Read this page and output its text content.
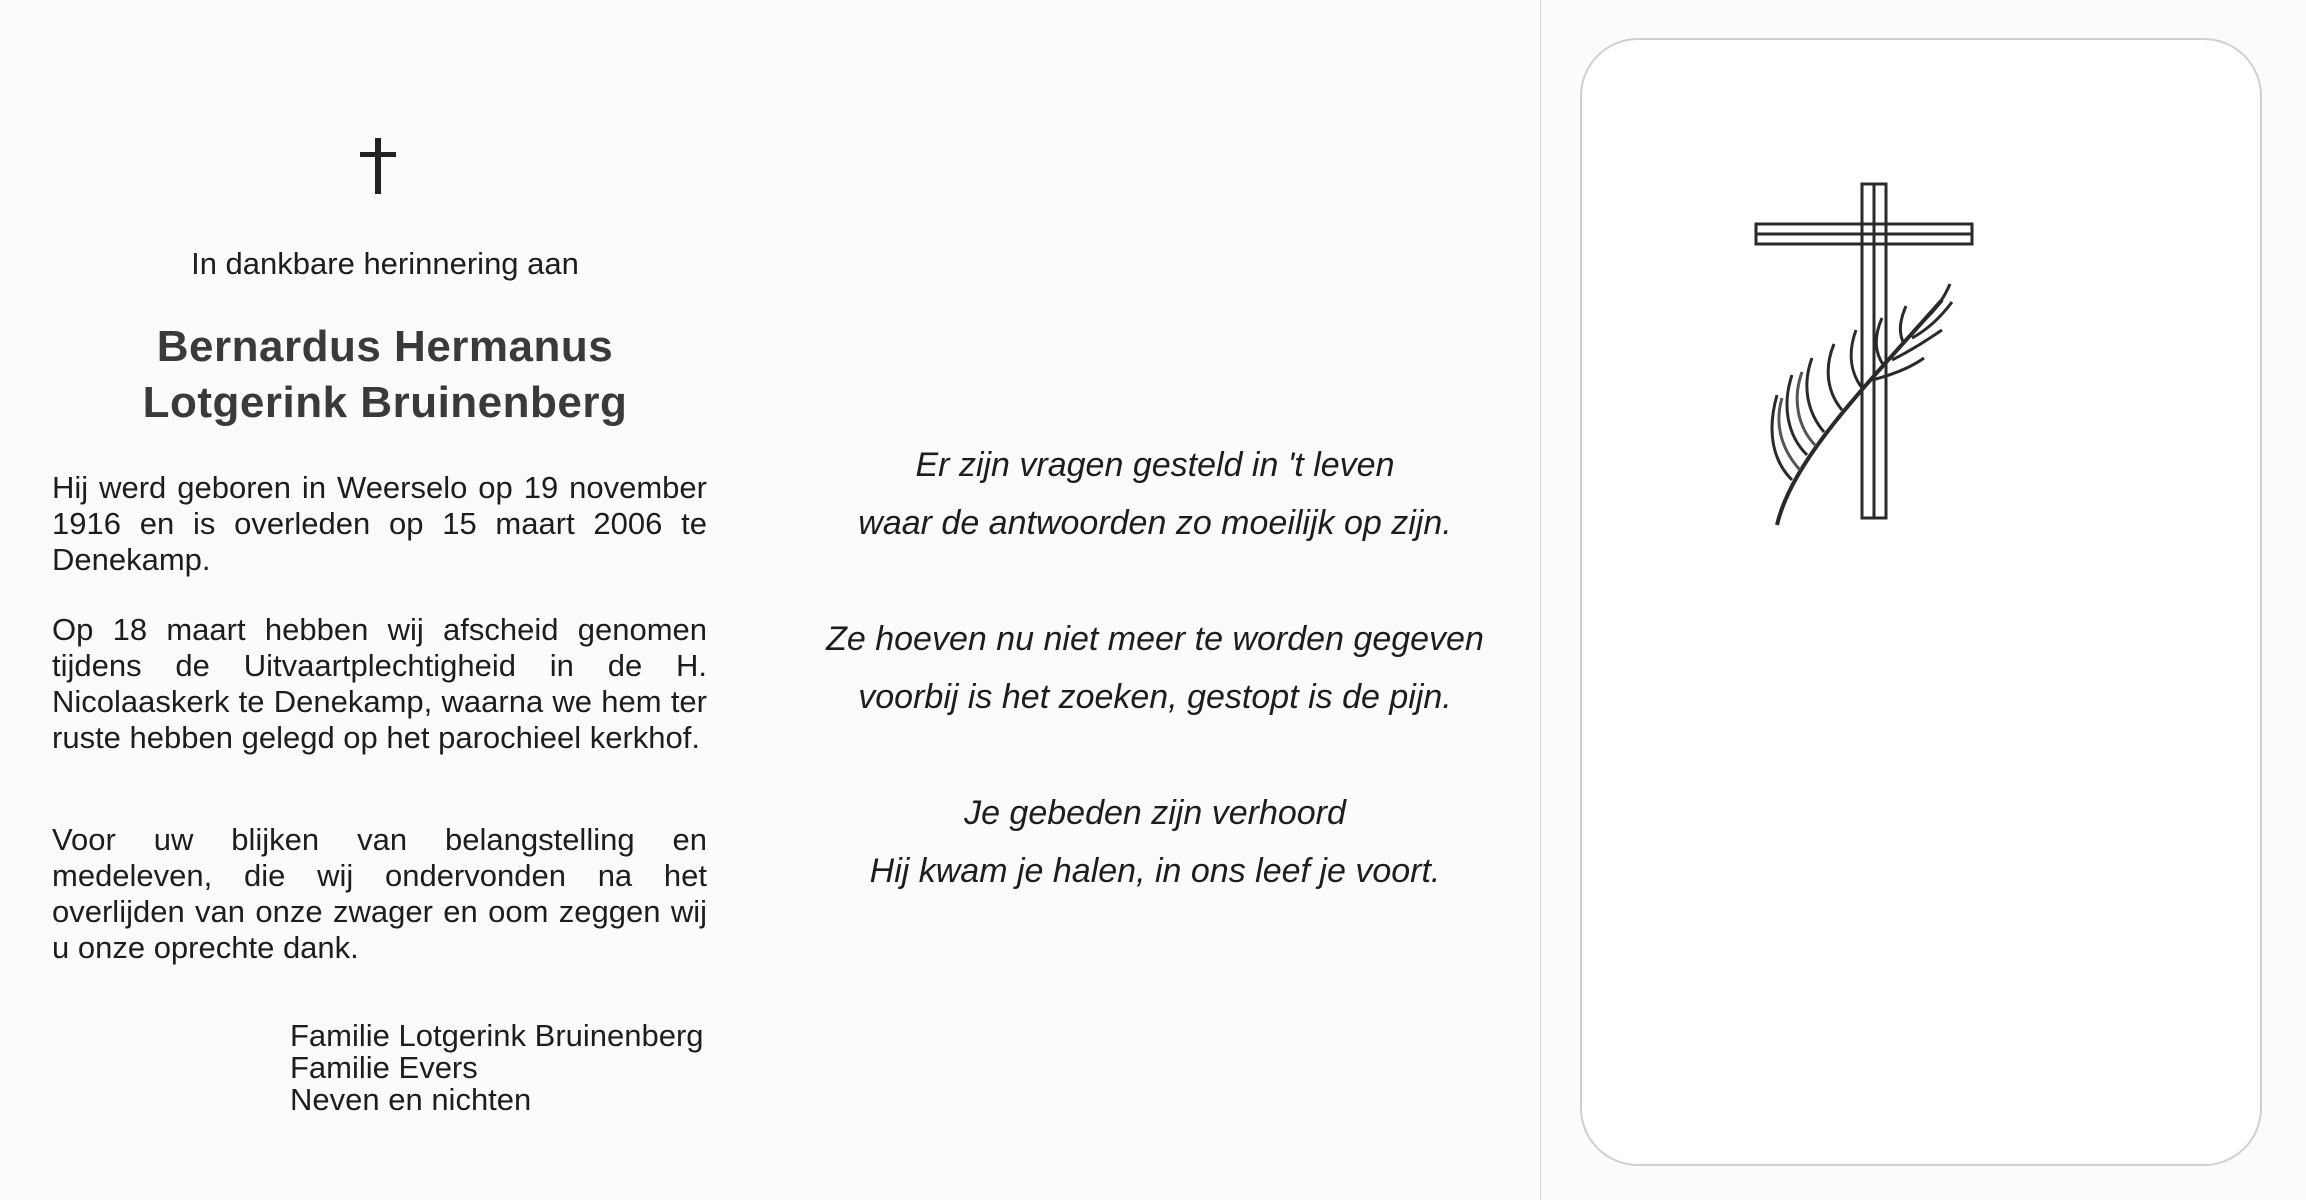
In dankbare herinnering aan
Bernardus Hermanus
Lotgerink Bruinenberg
Hij werd geboren in Weerselo op 19 november 1916 en is overleden op 15 maart 2006 te Denekamp.
Op 18 maart hebben wij afscheid genomen tijdens de Uitvaartplechtigheid in de H. Nicolaaskerk te Denekamp, waarna we hem ter ruste hebben gelegd op het parochieel kerkhof.
Voor uw blijken van belangstelling en medeleven, die wij ondervonden na het overlijden van onze zwager en oom zeggen wij u onze oprechte dank.
Familie Lotgerink Bruinenberg
Familie Evers
Neven en nichten
Er zijn vragen gesteld in 't leven
waar de antwoorden zo moeilijk op zijn.
Ze hoeven nu niet meer te worden gegeven
voorbij is het zoeken, gestopt is de pijn.
Je gebeden zijn verhoord
Hij kwam je halen, in ons leef je voort.
